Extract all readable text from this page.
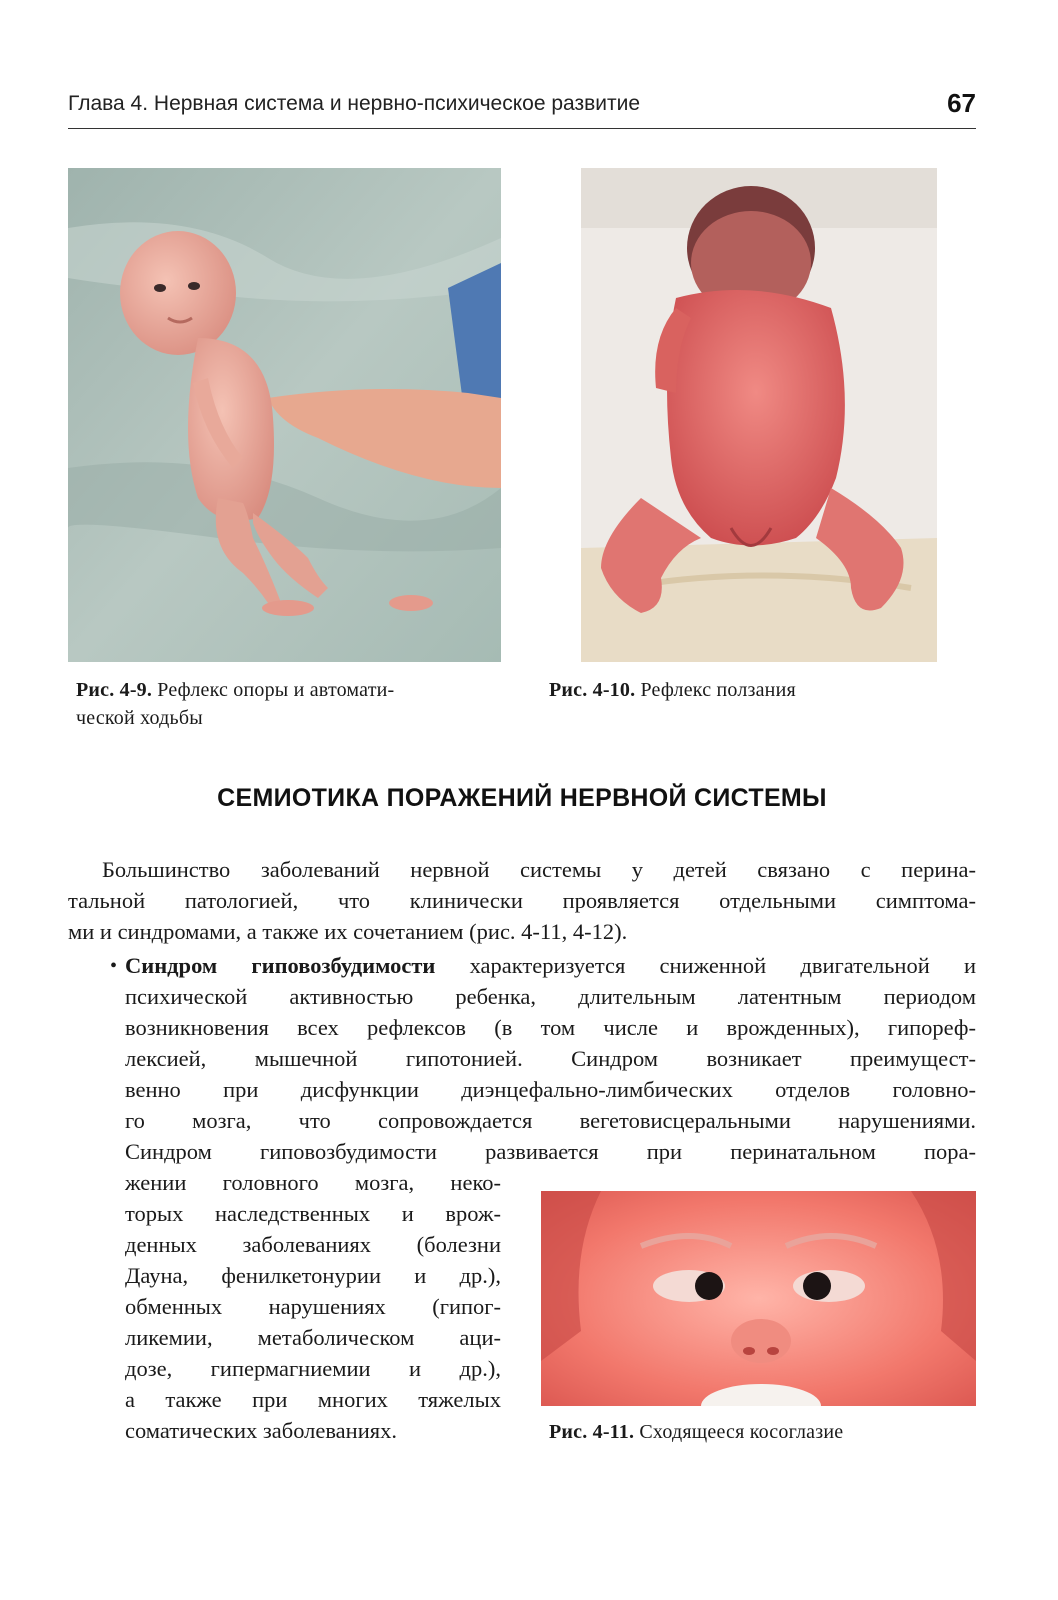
Глава 4. Нервная система и нервно-психическое развитие	67
Рис. 4-9. Рефлекс опоры и автомати-
ческой ходьбы
Рис. 4-10. Рефлекс ползания
СЕМИОТИКА ПОРАЖЕНИЙ НЕРВНОЙ СИСТЕМЫ
Большинство заболеваний нервной системы у детей связано с перина-
тальной патологией, что клинически проявляется отдельными симптома-
ми и синдромами, а также их сочетанием (рис. 4-11, 4-12).
• Синдром гиповозбудимости характеризуется сниженной двигательной и
психической активностью ребенка, длительным латентным периодом
возникновения всех рефлексов (в том числе и врожденных), гипореф-
лексией, мышечной гипотонией. Синдром возникает преимущест-
венно при дисфункции диэнцефально-лимбических отделов головно-
го мозга, что сопровождается вегетовисцеральными нарушениями.
Синдром гиповозбудимости развивается при перинатальном пора-
жении головного мозга, неко-
торых наследственных и врож-
денных заболеваниях (болезни
Дауна, фенилкетонурии и др.),
обменных нарушениях (гипог-
ликемии, метаболическом аци-
дозе, гипермагниемии и др.),
а также при многих тяжелых
соматических заболеваниях.	Рис. 4-11. Сходящееся косоглазие
